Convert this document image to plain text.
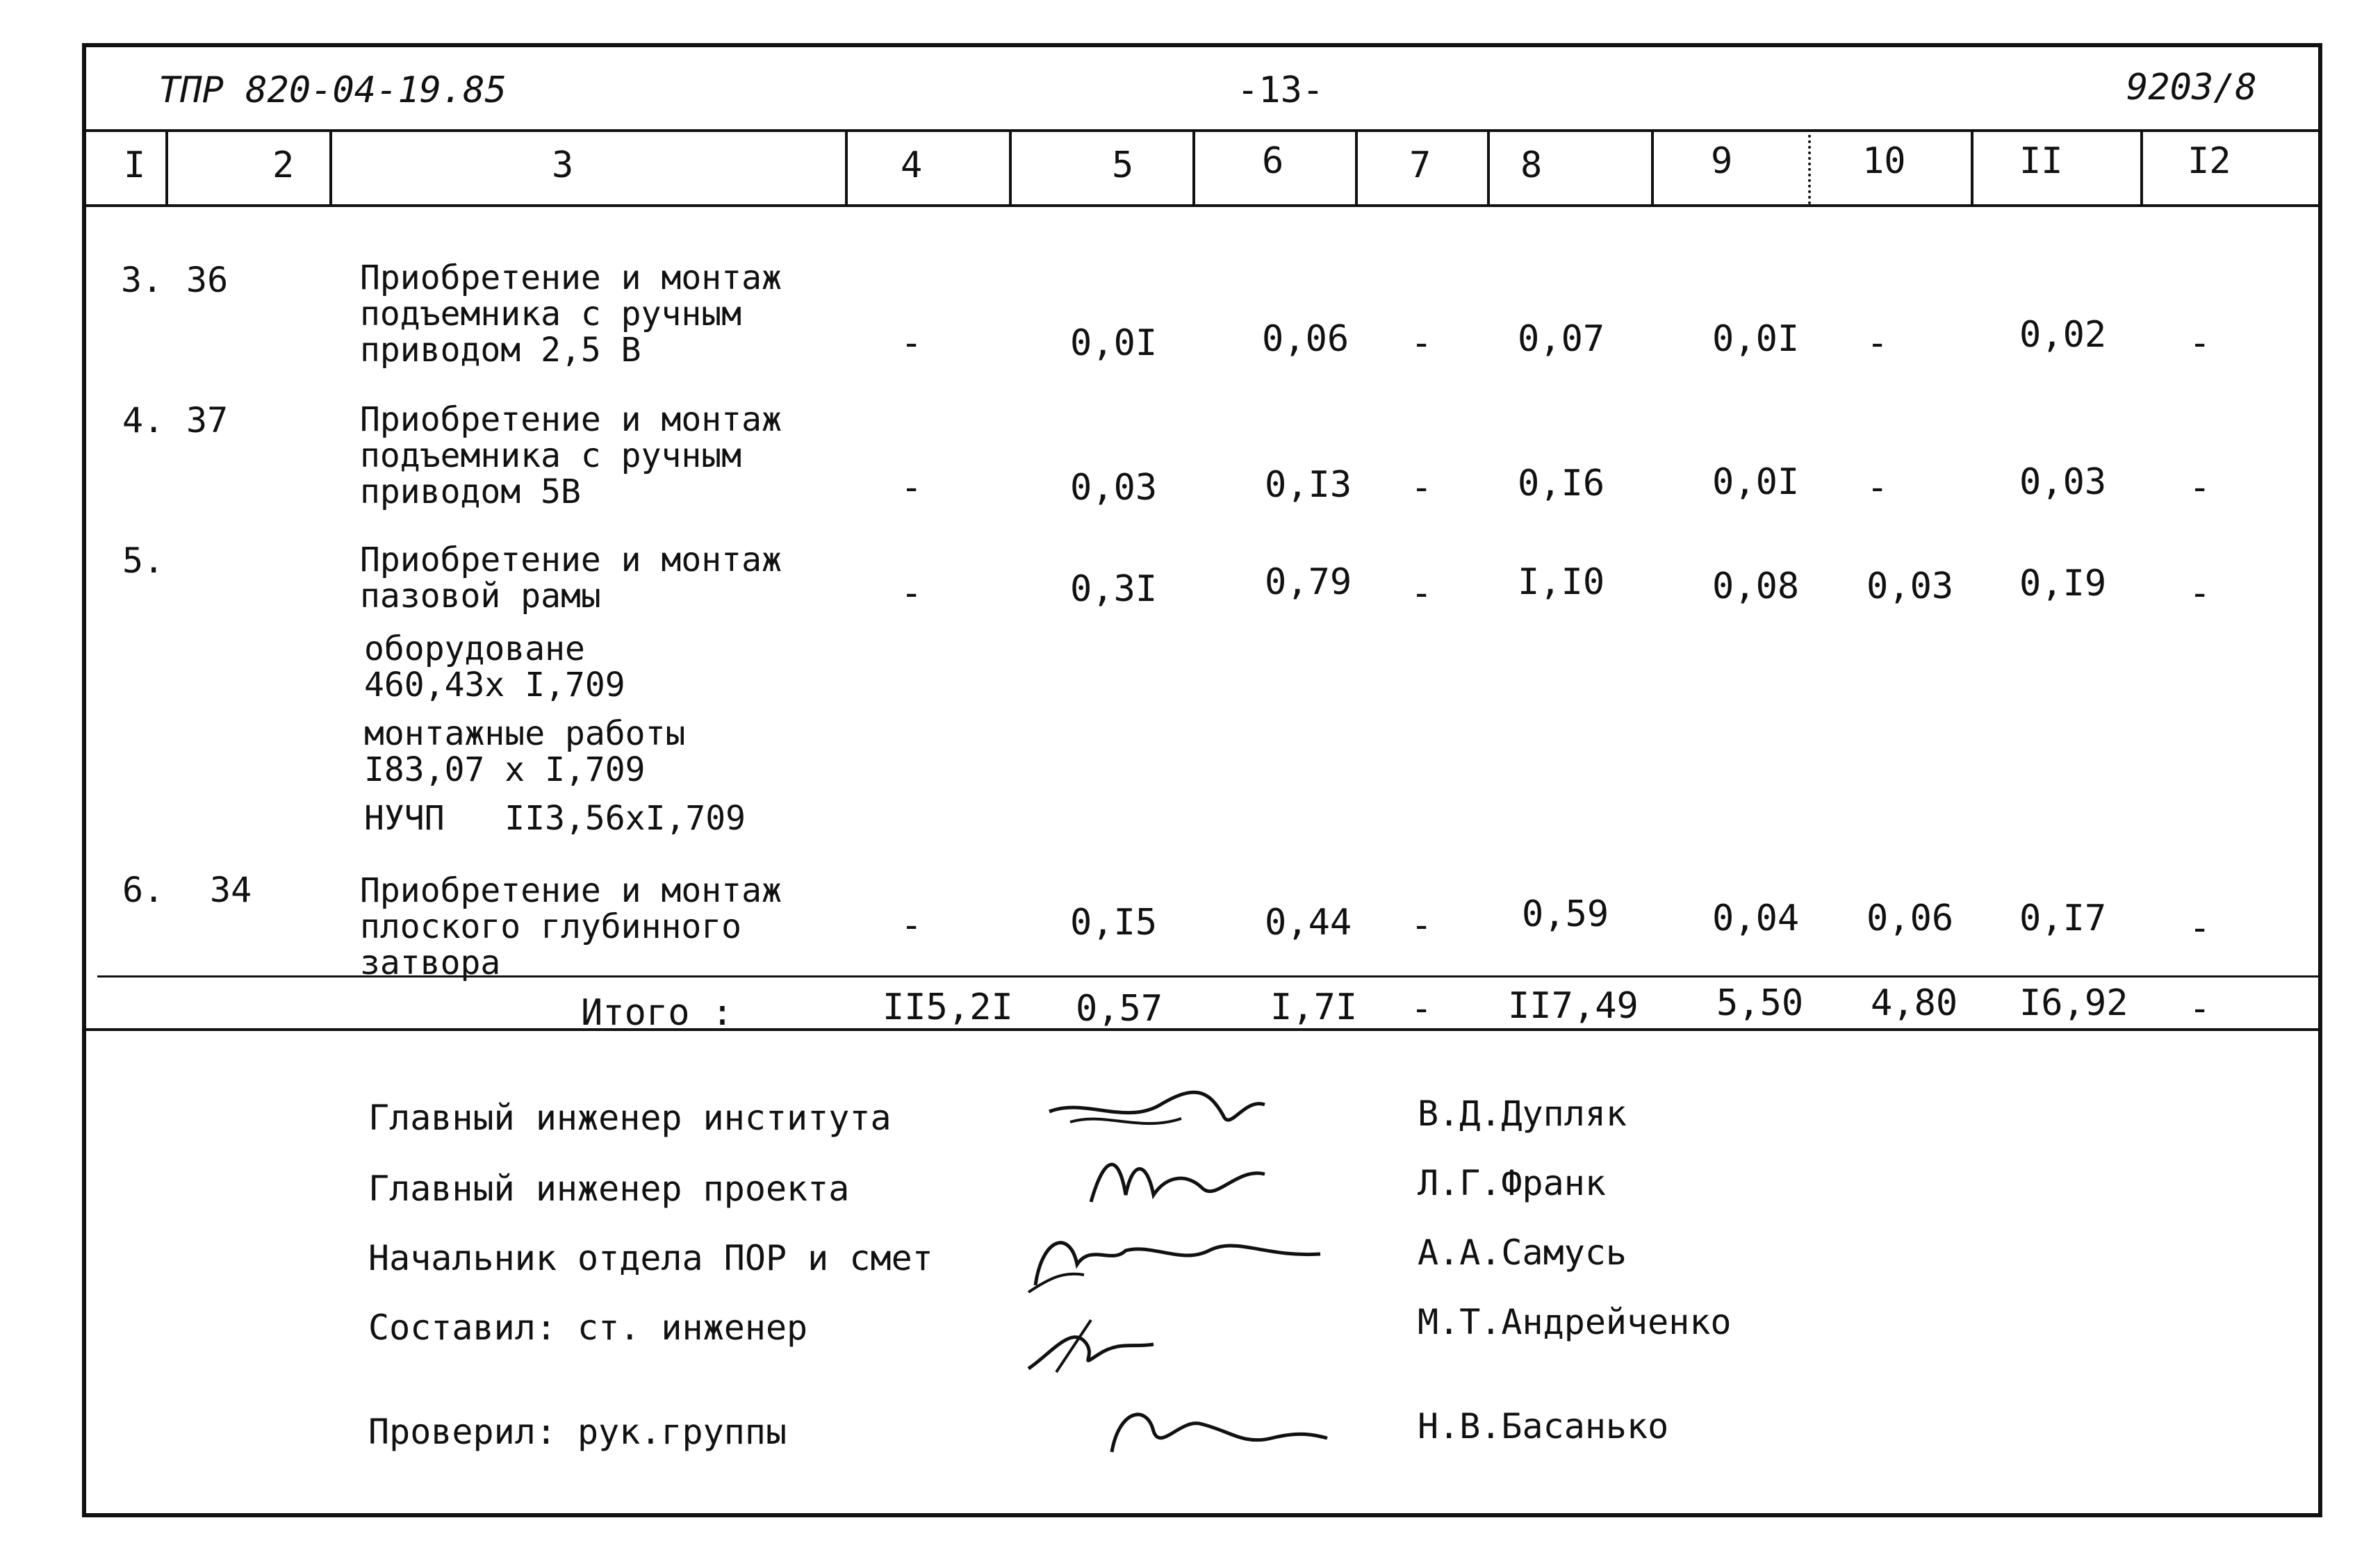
ТПР 820-04-19.85	-13-	9203/8
I	2	3	4	5	6	7 8	9	10	II	I2
3. 36	Приобретение и монтаж
подъемника с ручным
приводом 2,5 В	-	0,0I	0,06 - 0,07	0,0I -	0,02 -
4. 37	Приобретение и монтаж
подъемника с ручным
приводом 5В	-	0,03	0,I3 - 0,I6	0,0I -	0,03 -
5.	Приобретение и монтаж
пазовой рамы	-	0,3I	0,79 - I,I0	0,08 0,03 0,I9 -
оборудоване
460,43х I,709
монтажные работы
I83,07 х I,709
НУЧП   II3,56хI,709
6. 34	Приобретение и монтаж
плоского глубинного
затвора
-	0,I5	0,44 - 0,59	0,04 0,06 0,I7 -
Итого :	II5,2I 0,57	I,7I - II7,49 5,50 4,80 I6,92 -
Главный инженер института	В.Д.Дупляк
Главный инженер проекта	Л.Г.Франк
Начальник отдела ПОР и смет	А.А.Самусь
Составил: ст. инженер	М.Т.Андрейченко
Проверил: рук.группы	Н.В.Басанько
